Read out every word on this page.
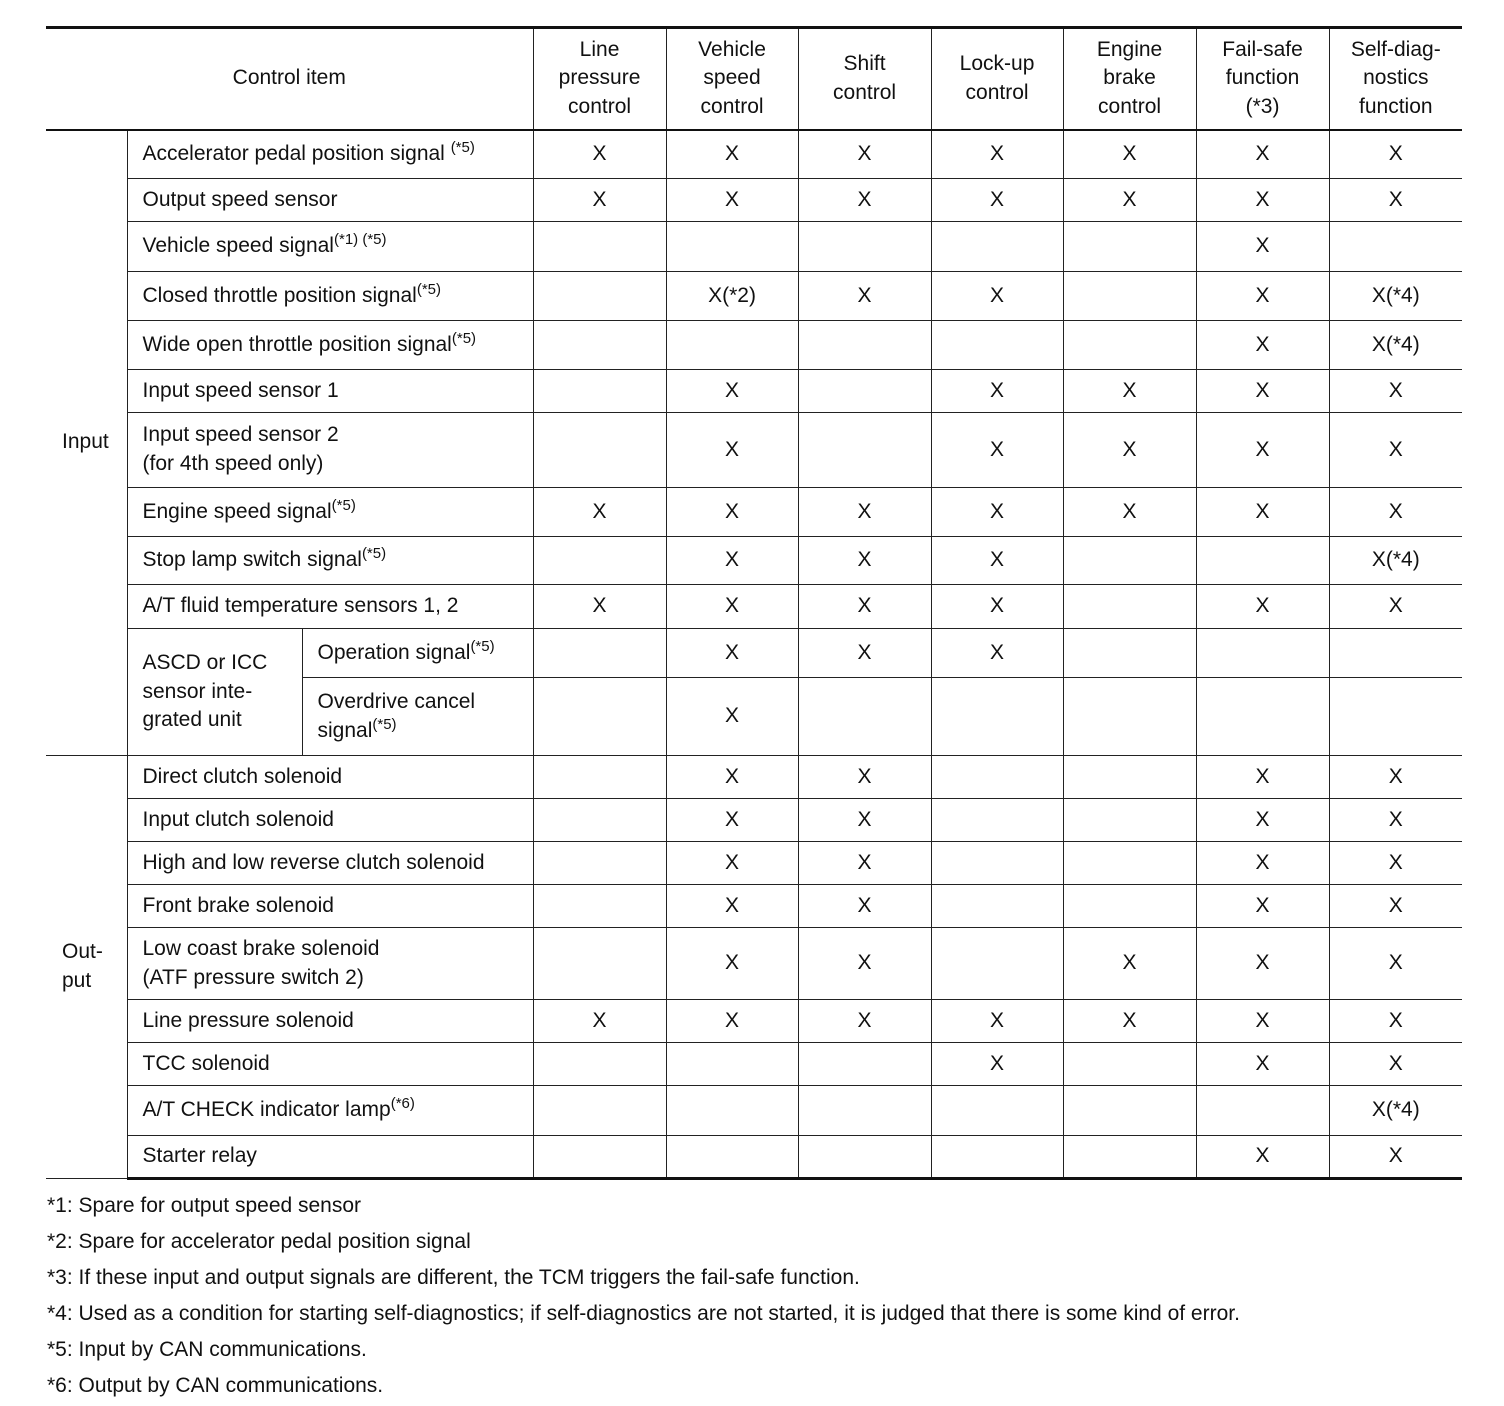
Control item			Line
pressure
control	Vehicle
speed
control	Shift
control	Lock-up
control	Engine
brake
control	Fail-safe
function
(*3)	Self-diag-
nostics
function
Input	Accelerator pedal position signal $^{(*5)}$		X	X	X	X	X	X	X
	Output speed sensor		X	X	X	X	X	X	X
	Vehicle speed signal$^{(*1) (*5)}$							X	
	Closed throttle position signal$^{(*5)}$			X(*2)	X	X		X	X(*4)
	Wide open throttle position signal$^{(*5)}$							X	X(*4)
	Input speed sensor 1			X		X	X	X	X
	Input speed sensor 2
(for 4th speed only)			X		X	X	X	X
	Engine speed signal$^{(*5)}$		X	X	X	X	X	X	X
	Stop lamp switch signal$^{(*5)}$			X	X	X			X(*4)
	A/T fluid temperature sensors 1, 2		X	X	X	X		X	X
	ASCD or ICC
sensor inte-
grated unit	Operation signal$^{(*5)}$		X	X	X			
		Overdrive cancel
signal$^{(*5)}$		X					
Out-
put	Direct clutch solenoid			X	X			X	X
	Input clutch solenoid			X	X			X	X
	High and low reverse clutch solenoid			X	X			X	X
	Front brake solenoid			X	X			X	X
	Low coast brake solenoid
(ATF pressure switch 2)			X	X		X	X	X
	Line pressure solenoid		X	X	X	X	X	X	X
	TCC solenoid					X		X	X
	A/T CHECK indicator lamp$^{(*6)}$								X(*4)
	Starter relay							X	X
*1: Spare for output speed sensor
*2: Spare for accelerator pedal position signal
*3: If these input and output signals are different, the TCM triggers the fail-safe function.
*4: Used as a condition for starting self-diagnostics; if self-diagnostics are not started, it is judged that there is some kind of error.
*5: Input by CAN communications.
*6: Output by CAN communications.
